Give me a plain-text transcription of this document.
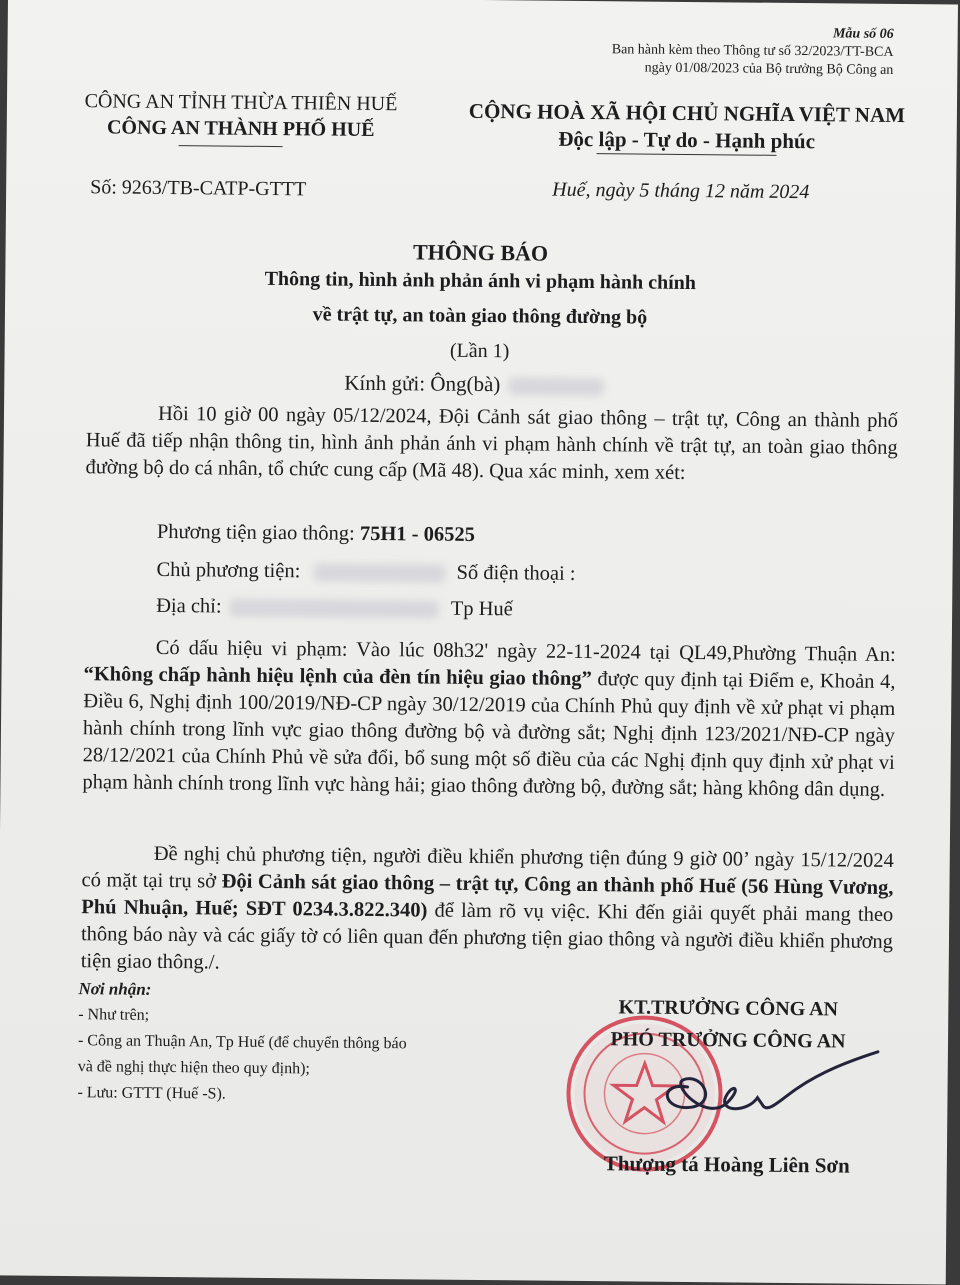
Mẫu số 06
Ban hành kèm theo Thông tư số 32/2023/TT-BCA
ngày 01/08/2023 của Bộ trưởng Bộ Công an
CÔNG AN TỈNH THỪA THIÊN HUẾ
CÔNG AN THÀNH PHỐ HUẾ
CỘNG HOÀ XÃ HỘI CHỦ NGHĨA VIỆT NAM
Độc lập - Tự do - Hạnh phúc
Số: 9263/TB-CATP-GTTT	Huế, ngày 5 tháng 12 năm 2024
THÔNG BÁO
Thông tin, hình ảnh phản ánh vi phạm hành chính
về trật tự, an toàn giao thông đường bộ
(Lần 1)
Kính gửi: Ông(bà)
Hồi 10 giờ 00 ngày 05/12/2024, Đội Cảnh sát giao thông – trật tự, Công an thành phố Huế đã tiếp nhận thông tin, hình ảnh phản ánh vi phạm hành chính về trật tự, an toàn giao thông đường bộ do cá nhân, tổ chức cung cấp (Mã 48). Qua xác minh, xem xét:
Phương tiện giao thông: 75H1 - 06525
Chủ phương tiện:	Số điện thoại :
Địa chỉ:	Tp Huế
Có dấu hiệu vi phạm: Vào lúc 08h32' ngày 22-11-2024 tại QL49,Phường Thuận An: “Không chấp hành hiệu lệnh của đèn tín hiệu giao thông” được quy định tại Điểm e, Khoản 4, Điều 6, Nghị định 100/2019/NĐ-CP ngày 30/12/2019 của Chính Phủ quy định về xử phạt vi phạm hành chính trong lĩnh vực giao thông đường bộ và đường sắt; Nghị định 123/2021/NĐ-CP ngày 28/12/2021 của Chính Phủ về sửa đổi, bổ sung một số điều của các Nghị định quy định xử phạt vi phạm hành chính trong lĩnh vực hàng hải; giao thông đường bộ, đường sắt; hàng không dân dụng.
Đề nghị chủ phương tiện, người điều khiển phương tiện đúng 9 giờ 00’ ngày 15/12/2024 có mặt tại trụ sở Đội Cảnh sát giao thông – trật tự, Công an thành phố Huế (56 Hùng Vương, Phú Nhuận, Huế; SĐT 0234.3.822.340) để làm rõ vụ việc. Khi đến giải quyết phải mang theo thông báo này và các giấy tờ có liên quan đến phương tiện giao thông và người điều khiển phương tiện giao thông./.
Nơi nhận:
- Như trên;
- Công an Thuận An, Tp Huế (để chuyển thông báo
và đề nghị thực hiện theo quy định);
- Lưu: GTTT (Huế -S).
KT.TRƯỞNG CÔNG AN
PHÓ TRƯỞNG CÔNG AN
Thượng tá Hoàng Liên Sơn
